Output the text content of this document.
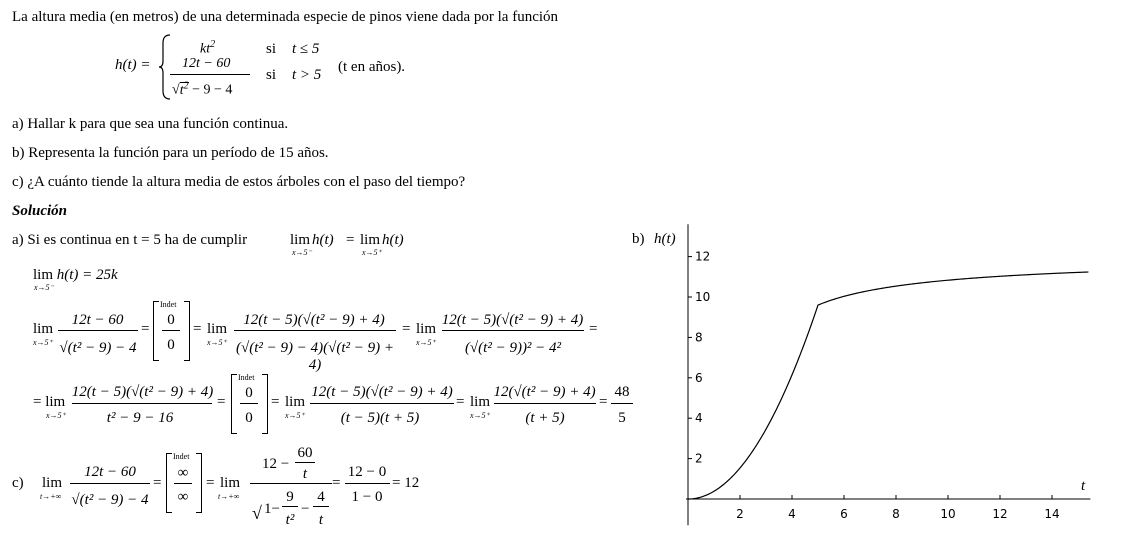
La altura media (en metros) de una determinada especie de pinos viene dada por la función
h(t) =
$kt^2$	si t ≤ 5
12t − 60
$√t^2 - 9 - 4$
si t > 5 (t en años).
a) Hallar k para que sea una función continua.
b) Representa la función para un período de 15 años.
c) ¿A cuánto tiende la altura media de estos árboles con el paso del tiempo?
Solución
a) Si es continua en t = 5 ha de cumplir	lim h(t)
x→5⁻
= lim h(t)
x→5⁺
lim h(t) = 25k
x→5⁻
lim
x→5⁺
12t − 60
√(t² − 9) − 4
=
Indet
0
0
= lim
x→5⁺
12(t − 5)(√(t² − 9) + 4)
(√(t² − 9) − 4)(√(t² − 9) + 4)
= lim
x→5⁺
12(t − 5)(√(t² − 9) + 4)
(√(t² − 9))² − 4²
=
= lim
x→5⁺
12(t − 5)(√(t² − 9) + 4)
t² − 9 − 16
=
Indet
0
0
= lim
x→5⁺
12(t − 5)(√(t² − 9) + 4)
(t − 5)(t + 5)
= lim
x→5⁺
12(√(t² − 9) + 4)
(t + 5)
=
48
5
c) lim
t→+∞
12t − 60
√(t² − 9) − 4
=
Indet
∞
∞
= lim
t→+∞
12 −
60
t
√ 1−
9
t²
−
4
t
=
12 − 0
1 − 0
= 12
b) h(t)
t
2	4	6	8	10	12	14
2
4
6
8
10
12
